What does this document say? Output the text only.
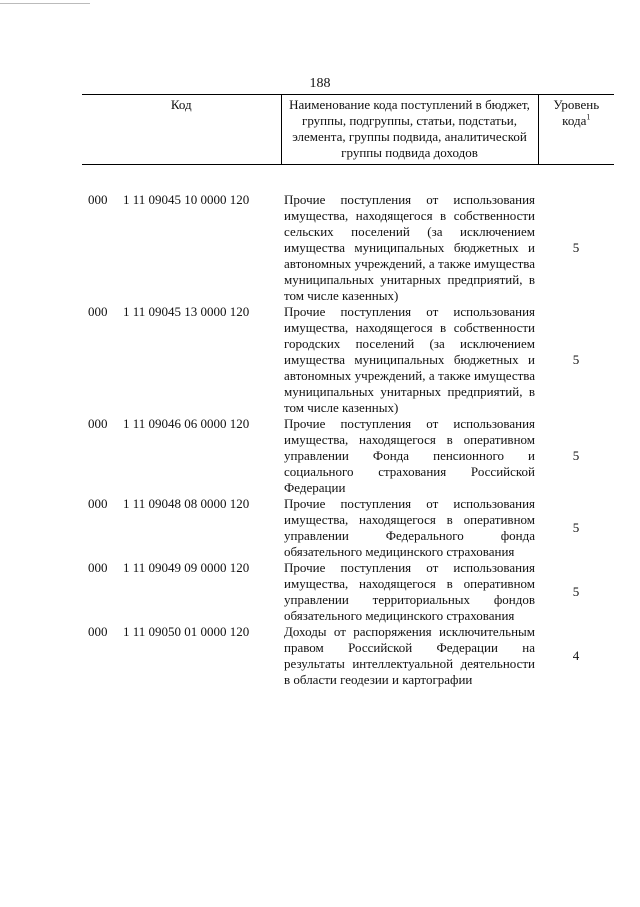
188
Код		Наименование кода поступлений в бюджет, группы, подгруппы, статьи, подстатьи, элемента, группы подвида, аналитической группы подвида доходов	Уровень кода$^1$

000	1 11 09045 10 0000 120	Прочие поступления от использования имущества, находящегося в собственности сельских поселений (за исключением имущества муниципальных бюджетных и автономных учреждений, а также имущества муниципальных унитарных предприятий, в том числе казенных)	5
000	1 11 09045 13 0000 120	Прочие поступления от использования имущества, находящегося в собственности городских поселений (за исключением имущества муниципальных бюджетных и автономных учреждений, а также имущества муниципальных унитарных предприятий, в том числе казенных)	5
000	1 11 09046 06 0000 120	Прочие поступления от использования имущества, находящегося в оперативном управлении Фонда пенсионного и социального страхования Российской Федерации	5
000	1 11 09048 08 0000 120	Прочие поступления от использования имущества, находящегося в оперативном управлении Федерального фонда обязательного медицинского страхования	5
000	1 11 09049 09 0000 120	Прочие поступления от использования имущества, находящегося в оперативном управлении территориальных фондов обязательного медицинского страхования	5
000	1 11 09050 01 0000 120	Доходы от распоряжения исключительным правом Российской Федерации на результаты интеллектуальной деятельности в области геодезии и картографии	4
